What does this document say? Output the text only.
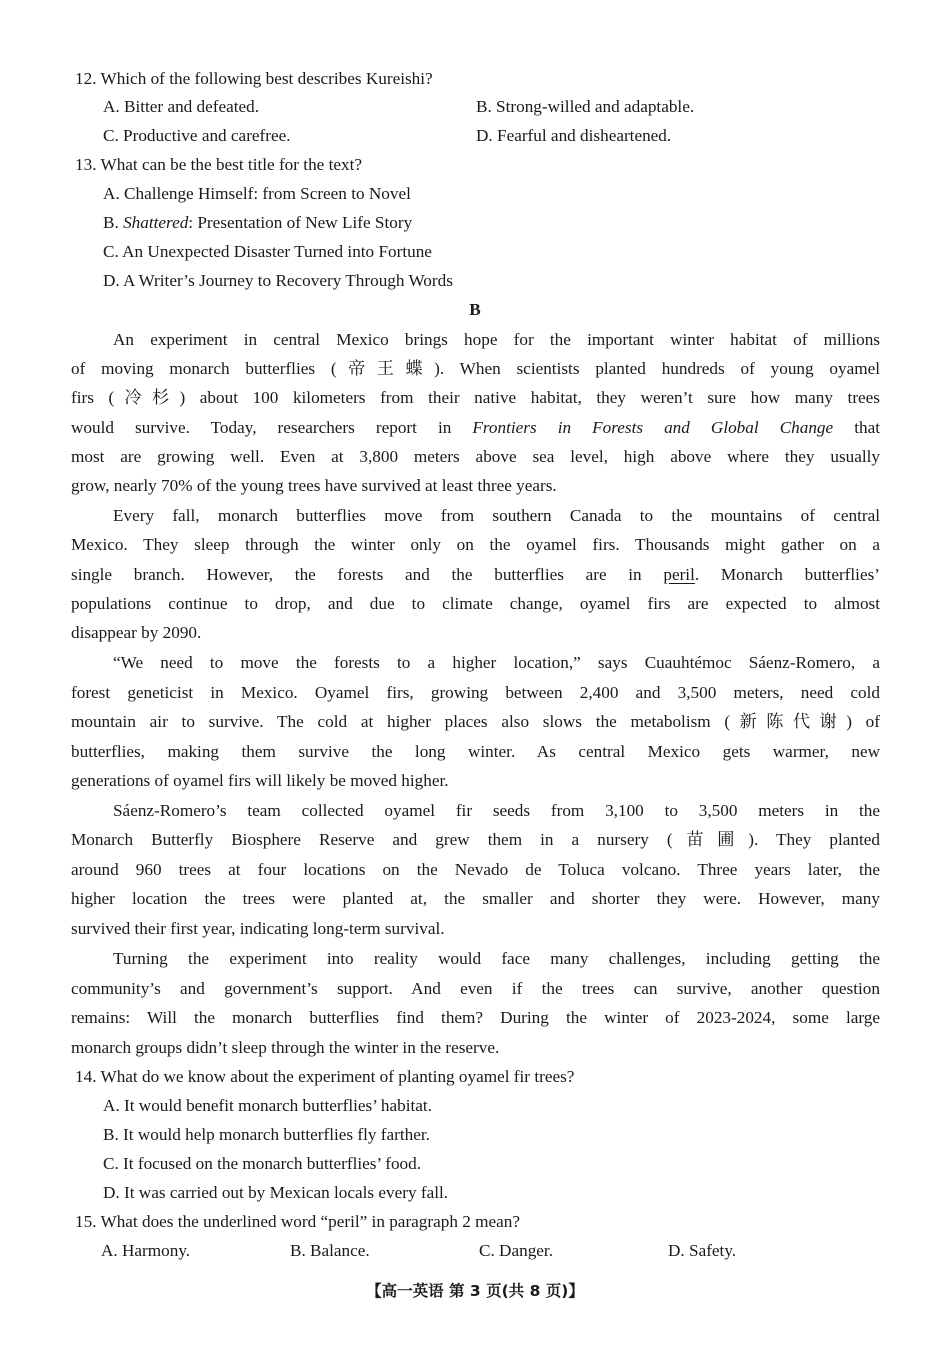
12. Which of the following best describes Kureishi?
A. Bitter and defeated.	B. Strong-willed and adaptable.
C. Productive and carefree.	D. Fearful and disheartened.
13. What can be the best title for the text?
A. Challenge Himself: from Screen to Novel
B. Shattered: Presentation of New Life Story
C. An Unexpected Disaster Turned into Fortune
D. A Writer’s Journey to Recovery Through Words
B
An experiment in central Mexico brings hope for the important winter habitat of millions
of moving monarch butterflies (帝王蝶). When scientists planted hundreds of young oyamel
firs (冷杉) about 100 kilometers from their native habitat, they weren’t sure how many trees
would survive. Today, researchers report in Frontiers in Forests and Global Change that
most are growing well. Even at 3,800 meters above sea level, high above where they usually
grow, nearly 70% of the young trees have survived at least three years.
Every fall, monarch butterflies move from southern Canada to the mountains of central
Mexico. They sleep through the winter only on the oyamel firs. Thousands might gather on a
single branch. However, the forests and the butterflies are in peril. Monarch butterflies’
populations continue to drop, and due to climate change, oyamel firs are expected to almost
disappear by 2090.
“We need to move the forests to a higher location,” says Cuauhtémoc Sáenz-Romero, a
forest geneticist in Mexico. Oyamel firs, growing between 2,400 and 3,500 meters, need cold
mountain air to survive. The cold at higher places also slows the metabolism (新陈代谢) of
butterflies, making them survive the long winter. As central Mexico gets warmer, new
generations of oyamel firs will likely be moved higher.
Sáenz-Romero’s team collected oyamel fir seeds from 3,100 to 3,500 meters in the
Monarch Butterfly Biosphere Reserve and grew them in a nursery (苗圃). They planted
around 960 trees at four locations on the Nevado de Toluca volcano. Three years later, the
higher location the trees were planted at, the smaller and shorter they were. However, many
survived their first year, indicating long-term survival.
Turning the experiment into reality would face many challenges, including getting the
community’s and government’s support. And even if the trees can survive, another question
remains: Will the monarch butterflies find them? During the winter of 2023-2024, some large
monarch groups didn’t sleep through the winter in the reserve.
14. What do we know about the experiment of planting oyamel fir trees?
A. It would benefit monarch butterflies’ habitat.
B. It would help monarch butterflies fly farther.
C. It focused on the monarch butterflies’ food.
D. It was carried out by Mexican locals every fall.
15. What does the underlined word “peril” in paragraph 2 mean?
A. Harmony.	B. Balance.	C. Danger.	D. Safety.
【高一英语 第 3 页(共 8 页)】
